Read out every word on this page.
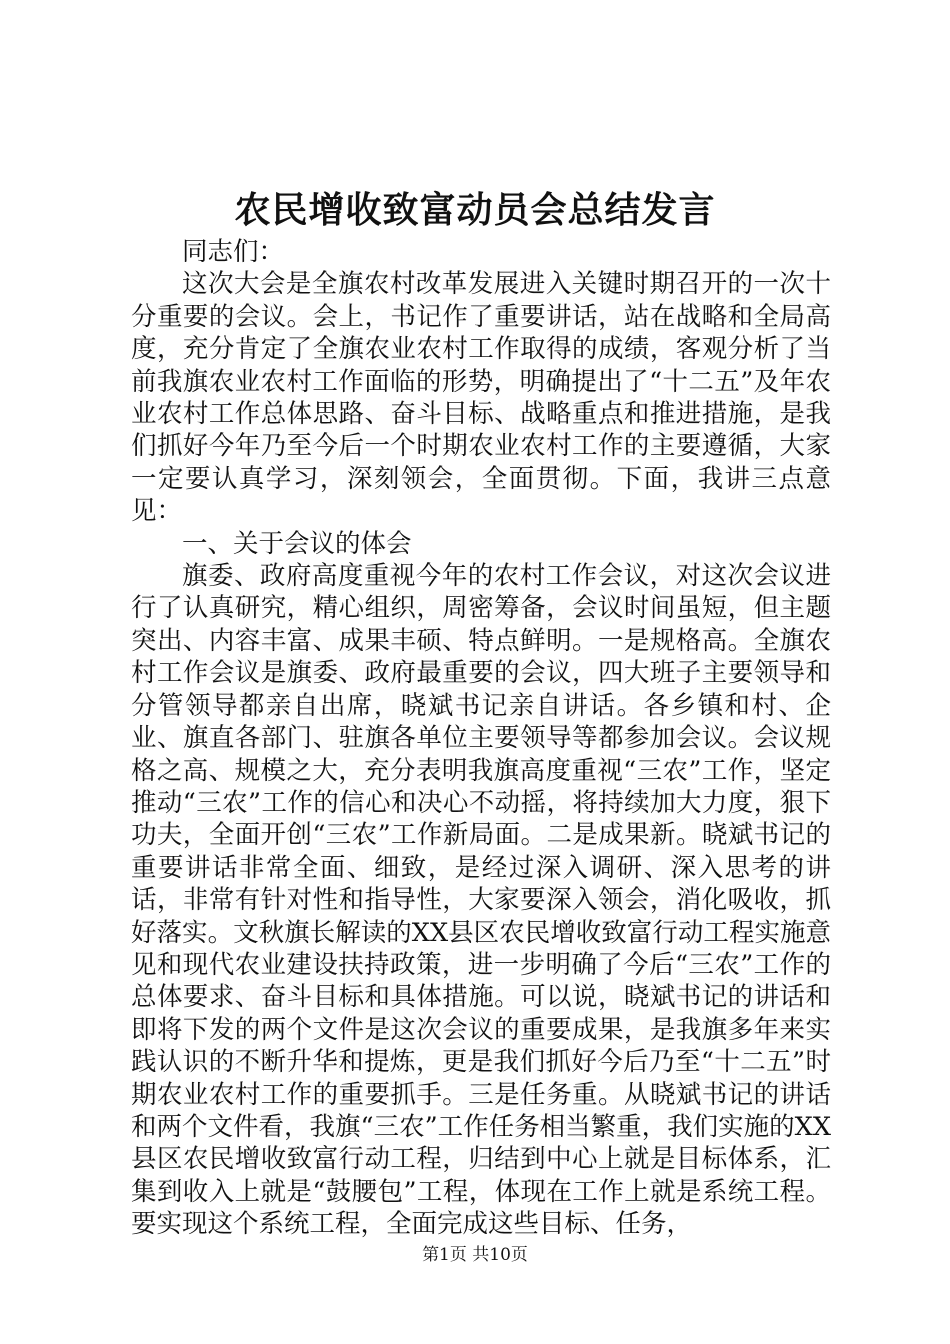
农民增收致富动员会总结发言

同志们：

这次大会是全旗农村改革发展进入关键时期召开的一次十分重要的会议。会上，书记作了重要讲话，站在战略和全局高度，充分肯定了全旗农业农村工作取得的成绩，客观分析了当前我旗农业农村工作面临的形势，明确提出了“十二五”及年农业农村工作总体思路、奋斗目标、战略重点和推进措施，是我们抓好今年乃至今后一个时期农业农村工作的主要遵循，大家一定要认真学习，深刻领会，全面贯彻。下面，我讲三点意见：

一、关于会议的体会

旗委、政府高度重视今年的农村工作会议，对这次会议进行了认真研究，精心组织，周密筹备，会议时间虽短，但主题突出、内容丰富、成果丰硕、特点鲜明。一是规格高。全旗农村工作会议是旗委、政府最重要的会议，四大班子主要领导和分管领导都亲自出席，晓斌书记亲自讲话。各乡镇和村、企业、旗直各部门、驻旗各单位主要领导等都参加会议。会议规格之高、规模之大，充分表明我旗高度重视“三农”工作，坚定推动“三农”工作的信心和决心不动摇，将持续加大力度，狠下功夫，全面开创“三农”工作新局面。二是成果新。晓斌书记的重要讲话非常全面、细致，是经过深入调研、深入思考的讲话，非常有针对性和指导性，大家要深入领会，消化吸收，抓好落实。文秋旗长解读的XX县区农民增收致富行动工程实施意见和现代农业建设扶持政策，进一步明确了今后“三农”工作的总体要求、奋斗目标和具体措施。可以说，晓斌书记的讲话和即将下发的两个文件是这次会议的重要成果，是我旗多年来实践认识的不断升华和提炼，更是我们抓好今后乃至“十二五”时期农业农村工作的重要抓手。三是任务重。从晓斌书记的讲话和两个文件看，我旗“三农”工作任务相当繁重，我们实施的XX县区农民增收致富行动工程，归结到中心上就是目标体系，汇集到收入上就是“鼓腰包”工程，体现在工作上就是系统工程。要实现这个系统工程，全面完成这些目标、任务，

第1页 共10页
